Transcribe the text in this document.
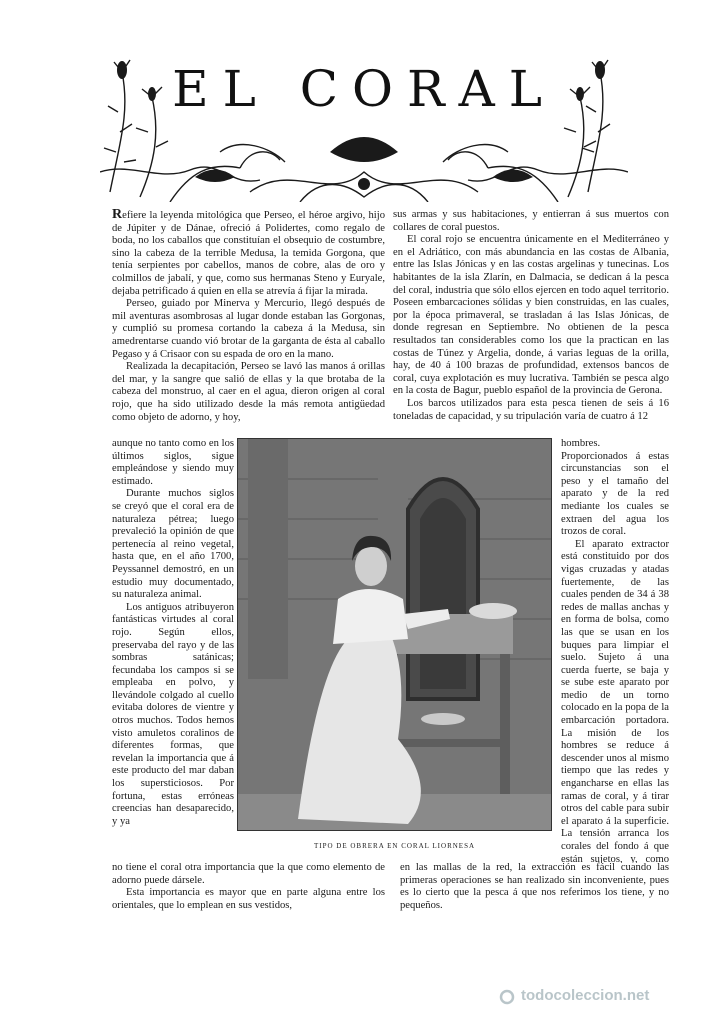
EL CORAL

Refiere la leyenda mitológica que Perseo, el héroe argivo, hijo de Júpiter y de Dánae, ofreció á Polidertes, como regalo de boda, no los caballos que constituían el obsequio de costumbre, sino la cabeza de la terrible Medusa, la temida Gorgona, que tenía serpientes por cabellos, manos de cobre, alas de oro y colmillos de jabalí, y que, como sus hermanas Steno y Euryale, dejaba petrificado á quien en ella se atrevía á fijar la mirada.

Perseo, guiado por Minerva y Mercurio, llegó después de mil aventuras asombrosas al lugar donde estaban las Gorgonas, y cumplió su promesa cortando la cabeza á la Medusa, sin amedrentarse cuando vió brotar de la garganta de ésta al caballo Pegaso y á Crisaor con su espada de oro en la mano.

Realizada la decapitación, Perseo se lavó las manos á orillas del mar, y la sangre que salió de ellas y la que brotaba de la cabeza del monstruo, al caer en el agua, dieron origen al coral rojo, que ha sido utilizado desde la más remota antigüedad como objeto de adorno, y hoy,

sus armas y sus habitaciones, y entierran á sus muertos con collares de coral puestos.

El coral rojo se encuentra únicamente en el Mediterráneo y en el Adriático, con más abundancia en las costas de Albania, entre las Islas Jónicas y en las costas argelinas y tunecinas. Los habitantes de la isla Zlarín, en Dalmacia, se dedican á la pesca del coral, industria que sólo ellos ejercen en todo aquel territorio. Poseen embarcaciones sólidas y bien construidas, en las cuales, por la época primaveral, se trasladan á las Islas Jónicas, de donde regresan en Septiembre. No obtienen de la pesca resultados tan considerables como los que la practican en las costas de Túnez y Argelia, donde, á varias leguas de la orilla, hay, de 40 á 100 brazas de profundidad, extensos bancos de coral, cuya explotación es muy lucrativa. También se pesca algo en la costa de Bagur, pueblo español de la provincia de Gerona.

Los barcos utilizados para esta pesca tienen de seis á 16 toneladas de capacidad, y su tripulación varía de cuatro á 12

aunque no tanto como en los últimos siglos, sigue empleándose y siendo muy estimado.

Durante muchos siglos se creyó que el coral era de naturaleza pétrea; luego prevaleció la opinión de que pertenecía al reino vegetal, hasta que, en el año 1700, Peyssannel demostró, en un estudio muy documentado, su naturaleza animal.

Los antiguos atribuyeron fantásticas virtudes al coral rojo. Según ellos, preservaba del rayo y de las sombras satánicas; fecundaba los campos si se empleaba en polvo, y llevándole colgado al cuello evitaba dolores de vientre y otros muchos. Todos hemos visto amuletos coralinos de diferentes formas, que revelan la importancia que á este producto del mar daban los supersticiosos. Por fortuna, estas erróneas creencias han desaparecido, y ya

hombres. Proporcionados á estas circunstancias son el peso y el tamaño del aparato y de la red mediante los cuales se extraen del agua los trozos de coral.

El aparato extractor está constituido por dos vigas cruzadas y atadas fuertemente, de las cuales penden de 34 á 38 redes de mallas anchas y en forma de bolsa, como las que se usan en los buques para limpiar el suelo. Sujeto á una cuerda fuerte, se baja y se sube este aparato por medio de un torno colocado en la popa de la embarcación portadora. La misión de los hombres se reduce á descender unos al mismo tiempo que las redes y engancharse en ellas las ramas de coral, y á tirar otros del cable para subir el aparato á la superficie. La tensión arranca los corales del fondo á que están sujetos, y, como

TIPO DE OBRERA EN CORAL LIORNESA

no tiene el coral otra importancia que la que como elemento de adorno puede dársele.

Esta importancia es mayor que en parte alguna entre los orientales, que lo emplean en sus vestidos,

en las mallas de la red, la extracción es fácil cuando las primeras operaciones se han realizado sin inconveniente, pues es lo cierto que la pesca á que nos referimos los tiene, y no pequeños.

todocoleccion.net
